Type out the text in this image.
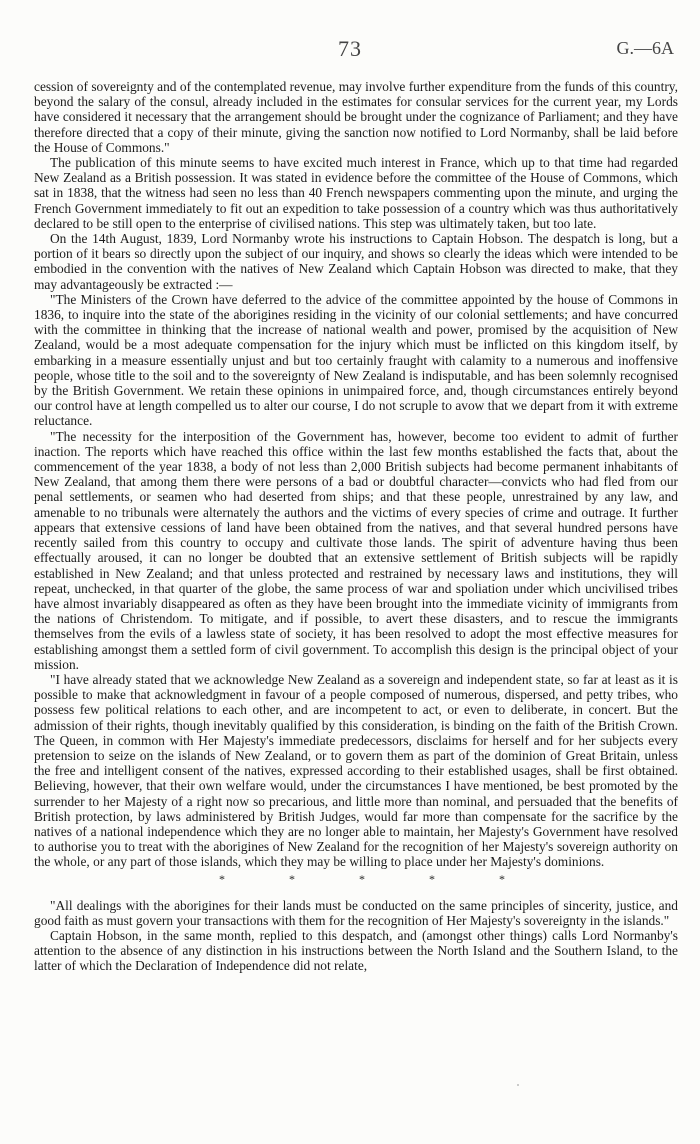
73	G.—6A

cession of sovereignty and of the contemplated revenue, may involve further expenditure from the funds of this country, beyond the salary of the consul, already included in the estimates for consular services for the current year, my Lords have considered it necessary that the arrangement should be brought under the cognizance of Parliament; and they have therefore directed that a copy of their minute, giving the sanction now notified to Lord Normanby, shall be laid before the House of Commons."

The publication of this minute seems to have excited much interest in France, which up to that time had regarded New Zealand as a British possession. It was stated in evidence before the committee of the House of Commons, which sat in 1838, that the witness had seen no less than 40 French newspapers commenting upon the minute, and urging the French Government immediately to fit out an expedition to take possession of a country which was thus authoritatively declared to be still open to the enterprise of civilised nations. This step was ultimately taken, but too late.

On the 14th August, 1839, Lord Normanby wrote his instructions to Captain Hobson. The despatch is long, but a portion of it bears so directly upon the subject of our inquiry, and shows so clearly the ideas which were intended to be embodied in the convention with the natives of New Zealand which Captain Hobson was directed to make, that they may advantageously be extracted :—

"The Ministers of the Crown have deferred to the advice of the committee appointed by the house of Commons in 1836, to inquire into the state of the aborigines residing in the vicinity of our colonial settlements; and have concurred with the committee in thinking that the increase of national wealth and power, promised by the acquisition of New Zealand, would be a most adequate compensation for the injury which must be inflicted on this kingdom itself, by embarking in a measure essentially unjust and but too certainly fraught with calamity to a numerous and inoffensive people, whose title to the soil and to the sovereignty of New Zealand is indisputable, and has been solemnly recognised by the British Government. We retain these opinions in unimpaired force, and, though circumstances entirely beyond our control have at length compelled us to alter our course, I do not scruple to avow that we depart from it with extreme reluctance.

"The necessity for the interposition of the Government has, however, become too evident to admit of further inaction. The reports which have reached this office within the last few months established the facts that, about the commencement of the year 1838, a body of not less than 2,000 British subjects had become permanent inhabitants of New Zealand, that among them there were persons of a bad or doubtful character—convicts who had fled from our penal settlements, or seamen who had deserted from ships; and that these people, unrestrained by any law, and amenable to no tribunals were alternately the authors and the victims of every species of crime and outrage. It further appears that extensive cessions of land have been obtained from the natives, and that several hundred persons have recently sailed from this country to occupy and cultivate those lands. The spirit of adventure having thus been effectually aroused, it can no longer be doubted that an extensive settlement of British subjects will be rapidly established in New Zealand; and that unless protected and restrained by necessary laws and institutions, they will repeat, unchecked, in that quarter of the globe, the same process of war and spoliation under which uncivilised tribes have almost invariably disappeared as often as they have been brought into the immediate vicinity of immigrants from the nations of Christendom. To mitigate, and if possible, to avert these disasters, and to rescue the immigrants themselves from the evils of a lawless state of society, it has been resolved to adopt the most effective measures for establishing amongst them a settled form of civil government. To accomplish this design is the principal object of your mission.

"I have already stated that we acknowledge New Zealand as a sovereign and independent state, so far at least as it is possible to make that acknowledgment in favour of a people composed of numerous, dispersed, and petty tribes, who possess few political relations to each other, and are incompetent to act, or even to deliberate, in concert. But the admission of their rights, though inevitably qualified by this consideration, is binding on the faith of the British Crown. The Queen, in common with Her Majesty's immediate predecessors, disclaims for herself and for her subjects every pretension to seize on the islands of New Zealand, or to govern them as part of the dominion of Great Britain, unless the free and intelligent consent of the natives, expressed according to their established usages, shall be first obtained. Believing, however, that their own welfare would, under the circumstances I have mentioned, be best promoted by the surrender to her Majesty of a right now so precarious, and little more than nominal, and persuaded that the benefits of British protection, by laws administered by British Judges, would far more than compensate for the sacrifice by the natives of a national independence which they are no longer able to maintain, her Majesty's Government have resolved to authorise you to treat with the aborigines of New Zealand for the recognition of her Majesty's sovereign authority on the whole, or any part of those islands, which they may be willing to place under her Majesty's dominions.

*	*	*	*	*

"All dealings with the aborigines for their lands must be conducted on the same principles of sincerity, justice, and good faith as must govern your transactions with them for the recognition of Her Majesty's sovereignty in the islands."

Captain Hobson, in the same month, replied to this despatch, and (amongst other things) calls Lord Normanby's attention to the absence of any distinction in his instructions between the North Island and the Southern Island, to the latter of which the Declaration of Independence did not relate,
